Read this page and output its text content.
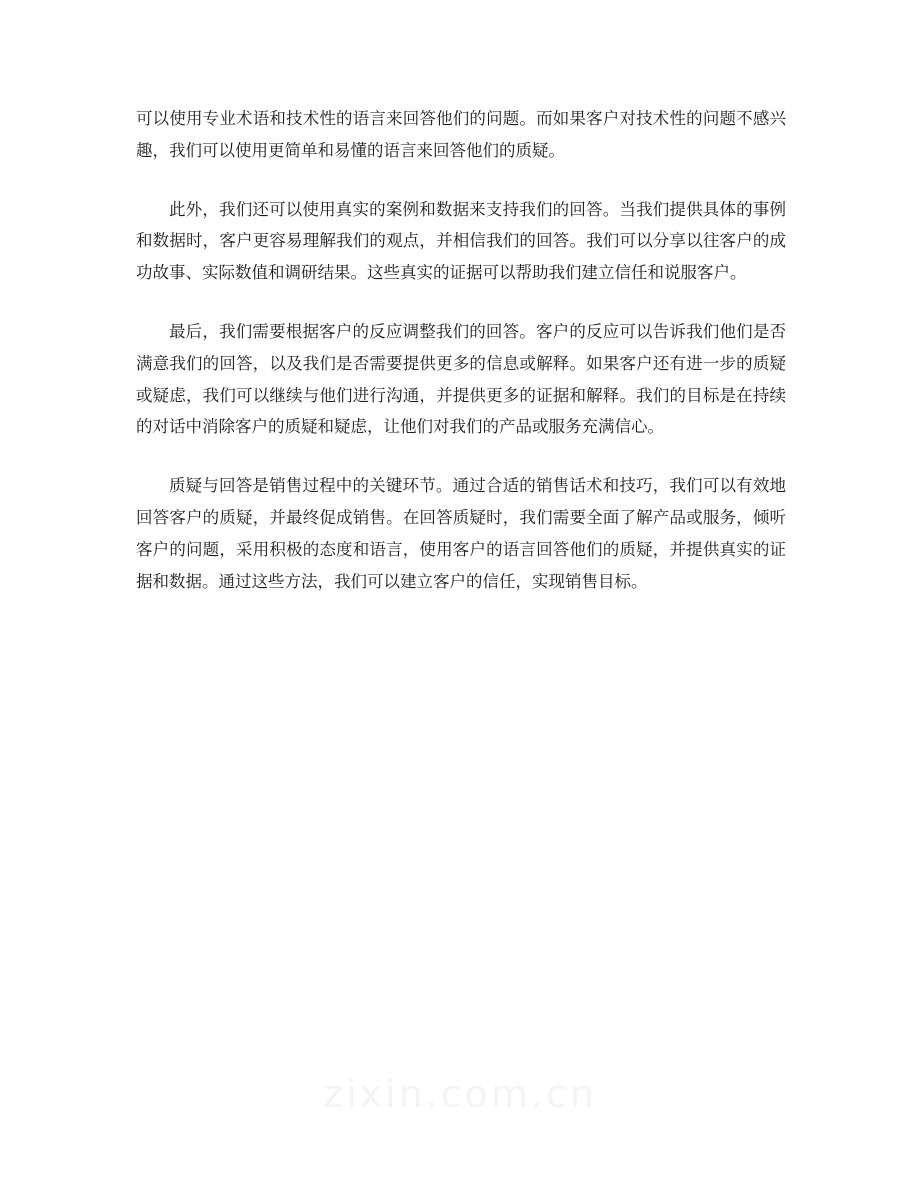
可以使用专业术语和技术性的语言来回答他们的问题。而如果客户对技术性的问题不感兴趣，我们可以使用更简单和易懂的语言来回答他们的质疑。

此外，我们还可以使用真实的案例和数据来支持我们的回答。当我们提供具体的事例和数据时，客户更容易理解我们的观点，并相信我们的回答。我们可以分享以往客户的成功故事、实际数值和调研结果。这些真实的证据可以帮助我们建立信任和说服客户。

最后，我们需要根据客户的反应调整我们的回答。客户的反应可以告诉我们他们是否满意我们的回答，以及我们是否需要提供更多的信息或解释。如果客户还有进一步的质疑或疑虑，我们可以继续与他们进行沟通，并提供更多的证据和解释。我们的目标是在持续的对话中消除客户的质疑和疑虑，让他们对我们的产品或服务充满信心。

质疑与回答是销售过程中的关键环节。通过合适的销售话术和技巧，我们可以有效地回答客户的质疑，并最终促成销售。在回答质疑时，我们需要全面了解产品或服务，倾听客户的问题，采用积极的态度和语言，使用客户的语言回答他们的质疑，并提供真实的证据和数据。通过这些方法，我们可以建立客户的信任，实现销售目标。
